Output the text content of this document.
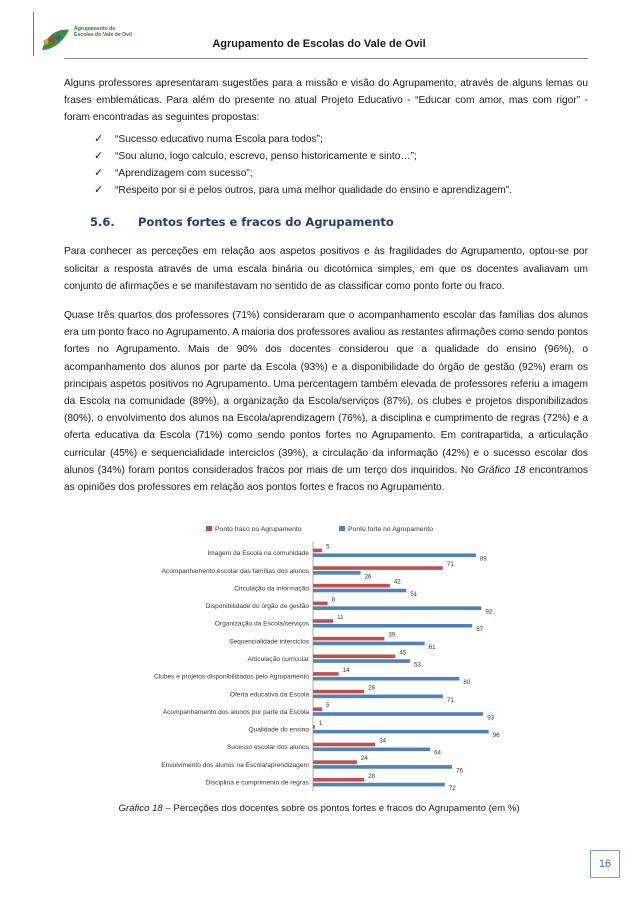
Agrupamento de Escolas do Vale de Ovil
Agrupamento de Escolas do Vale de Ovil

Alguns professores apresentaram sugestões para a missão e visão do Agrupamento, através de alguns lemas ou frases emblemáticas. Para além do presente no atual Projeto Educativo - “Educar com amor, mas com rigor” - foram encontradas as seguintes propostas:

✓ “Sucesso educativo numa Escola para todos”;
✓ “Sou aluno, logo calculo, escrevo, penso historicamente e sinto…”;
✓ “Aprendizagem com sucesso”;
✓ “Respeito por si e pelos outros, para uma melhor qualidade do ensino e aprendizagem”.
5.6. Pontos fortes e fracos do Agrupamento

Para conhecer as perceções em relação aos aspetos positivos e às fragilidades do Agrupamento, optou-se por solicitar a resposta através de uma escala binária ou dicotómica simples, em que os docentes avaliavam um conjunto de afirmações e se manifestavam no sentido de as classificar como ponto forte ou fraco.

Quase três quartos dos professores (71%) consideraram que o acompanhamento escolar das famílias dos alunos era um ponto fraco no Agrupamento. A maioria dos professores avaliou as restantes afirmações como sendo pontos fortes no Agrupamento. Mais de 90% dos docentes considerou que a qualidade do ensino (96%), o acompanhamento dos alunos por parte da Escola (93%) e a disponibilidade do órgão de gestão (92%) eram os principais aspetos positivos no Agrupamento. Uma percentagem também elevada de professores referiu a imagem da Escola na comunidade (89%), a organização da Escola/serviços (87%), os clubes e projetos disponibilizados (80%), o envolvimento dos alunos na Escola/aprendizagem (76%), a disciplina e cumprimento de regras (72%) e a oferta educativa da Escola (71%) como sendo pontos fortes no Agrupamento. Em contrapartida, a articulação curricular (45%) e sequencialidade interciclos (39%), a circulação da informação (42%) e o sucesso escolar dos alunos (34%) foram pontos considerados fracos por mais de um terço dos inquiridos. No Gráfico 18 encontramos as opiniões dos professores em relação aos pontos fortes e fracos no Agrupamento.

Ponto fraco no Agrupamento	Ponto forte no Agrupamento
Imagem da Escola na comunidade
5
89
Acompanhamento escolar das famílias dos alunos
71
26
Circulação da informação
42
51
Disponibilidade do órgão de gestão
8
92
Organização da Escola/serviços
11
87
Sequencialidade interciclos
39
61
Articulação curricular
45
53
Clubes e projetos disponibilizados pelo Agrupamento
14
80
Oferta educativa da Escola
28
71
Acompanhamento dos alunos por parte da Escola
5
93
Qualidade do ensino
1
96
Sucesso escolar dos alunos
34
64
Envolvimento dos alunos na Escola/aprendizagem
24
76
Disciplina e cumprimento de regras
28
72
Gráfico 18 – Perceções dos docentes sobre os pontos fortes e fracos do Agrupamento (em %)
16
